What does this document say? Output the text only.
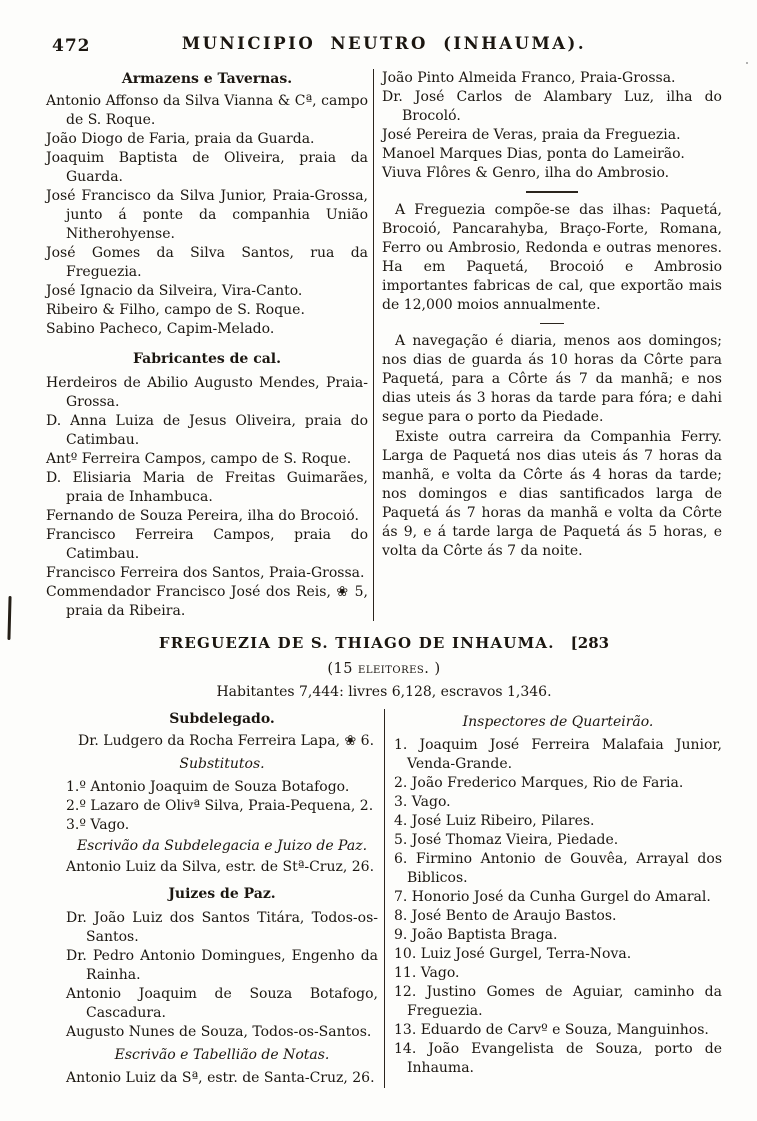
472	MUNICIPIO NEUTRO (INHAUMA).
Armazens e Tavernas.

Antonio Affonso da Silva Vianna & Cª, campo de S. Roque.

João Diogo de Faria, praia da Guarda.

Joaquim Baptista de Oliveira, praia da Guarda.

José Francisco da Silva Junior, Praia-Grossa, junto á ponte da companhia União Nitherohyense.

José Gomes da Silva Santos, rua da Freguezia.

José Ignacio da Silveira, Vira-Canto.

Ribeiro & Filho, campo de S. Roque.

Sabino Pacheco, Capim-Melado.

Fabricantes de cal.

Herdeiros de Abilio Augusto Mendes, Praia-Grossa.

D. Anna Luiza de Jesus Oliveira, praia do Catimbau.

Antº Ferreira Campos, campo de S. Roque.

D. Elisiaria Maria de Freitas Guimarães, praia de Inhambuca.

Fernando de Souza Pereira, ilha do Brocoió.

Francisco Ferreira Campos, praia do Catimbau.

Francisco Ferreira dos Santos, Praia-Grossa.

Commendador Francisco José dos Reis, ❀ 5, praia da Ribeira.

João Pinto Almeida Franco, Praia-Grossa.

Dr. José Carlos de Alambary Luz, ilha do Brocoló.

José Pereira de Veras, praia da Freguezia.

Manoel Marques Dias, ponta do Lameirão.

Viuva Flôres & Genro, ilha do Ambrosio.

A Freguezia compõe-se das ilhas: Paquetá, Brocoió, Pancarahyba, Braço-Forte, Romana, Ferro ou Ambrosio, Redonda e outras menores. Ha em Paquetá, Brocoió e Ambrosio importantes fabricas de cal, que exportão mais de 12,000 moios annualmente.

A navegação é diaria, menos aos domingos; nos dias de guarda ás 10 horas da Côrte para Paquetá, para a Côrte ás 7 da manhã; e nos dias uteis ás 3 horas da tarde para fóra; e dahi segue para o porto da Piedade.

Existe outra carreira da Companhia Ferry. Larga de Paquetá nos dias uteis ás 7 horas da manhã, e volta da Côrte ás 4 horas da tarde; nos domingos e dias santificados larga de Paquetá ás 7 horas da manhã e volta da Côrte ás 9, e á tarde larga de Paquetá ás 5 horas, e volta da Côrte ás 7 da noite.

FREGUEZIA DE S. THIAGO DE INHAUMA. [283
(15 eleitores. )
Habitantes 7,444: livres 6,128, escravos 1,346.
Subdelegado.

Dr. Ludgero da Rocha Ferreira Lapa, ❀ 6.

Substitutos.

1.º Antonio Joaquim de Souza Botafogo.

2.º Lazaro de Olivª Silva, Praia-Pequena, 2.

3.º Vago.

Escrivão da Subdelegacia e Juizo de Paz.

Antonio Luiz da Silva, estr. de Stª-Cruz, 26.

Juizes de Paz.

Dr. João Luiz dos Santos Titára, Todos-os-Santos.

Dr. Pedro Antonio Domingues, Engenho da Rainha.

Antonio Joaquim de Souza Botafogo, Cascadura.

Augusto Nunes de Souza, Todos-os-Santos.

Escrivão e Tabellião de Notas.

Antonio Luiz da Sª, estr. de Santa-Cruz, 26.

Inspectores de Quarteirão.

1. Joaquim José Ferreira Malafaia Junior, Venda-Grande.

2. João Frederico Marques, Rio de Faria.

3. Vago.

4. José Luiz Ribeiro, Pilares.

5. José Thomaz Vieira, Piedade.

6. Firmino Antonio de Gouvêa, Arrayal dos Biblicos.

7. Honorio José da Cunha Gurgel do Amaral.

8. José Bento de Araujo Bastos.

9. João Baptista Braga.

10. Luiz José Gurgel, Terra-Nova.

11. Vago.

12. Justino Gomes de Aguiar, caminho da Freguezia.

13. Eduardo de Carvº e Souza, Manguinhos.

14. João Evangelista de Souza, porto de Inhauma.
